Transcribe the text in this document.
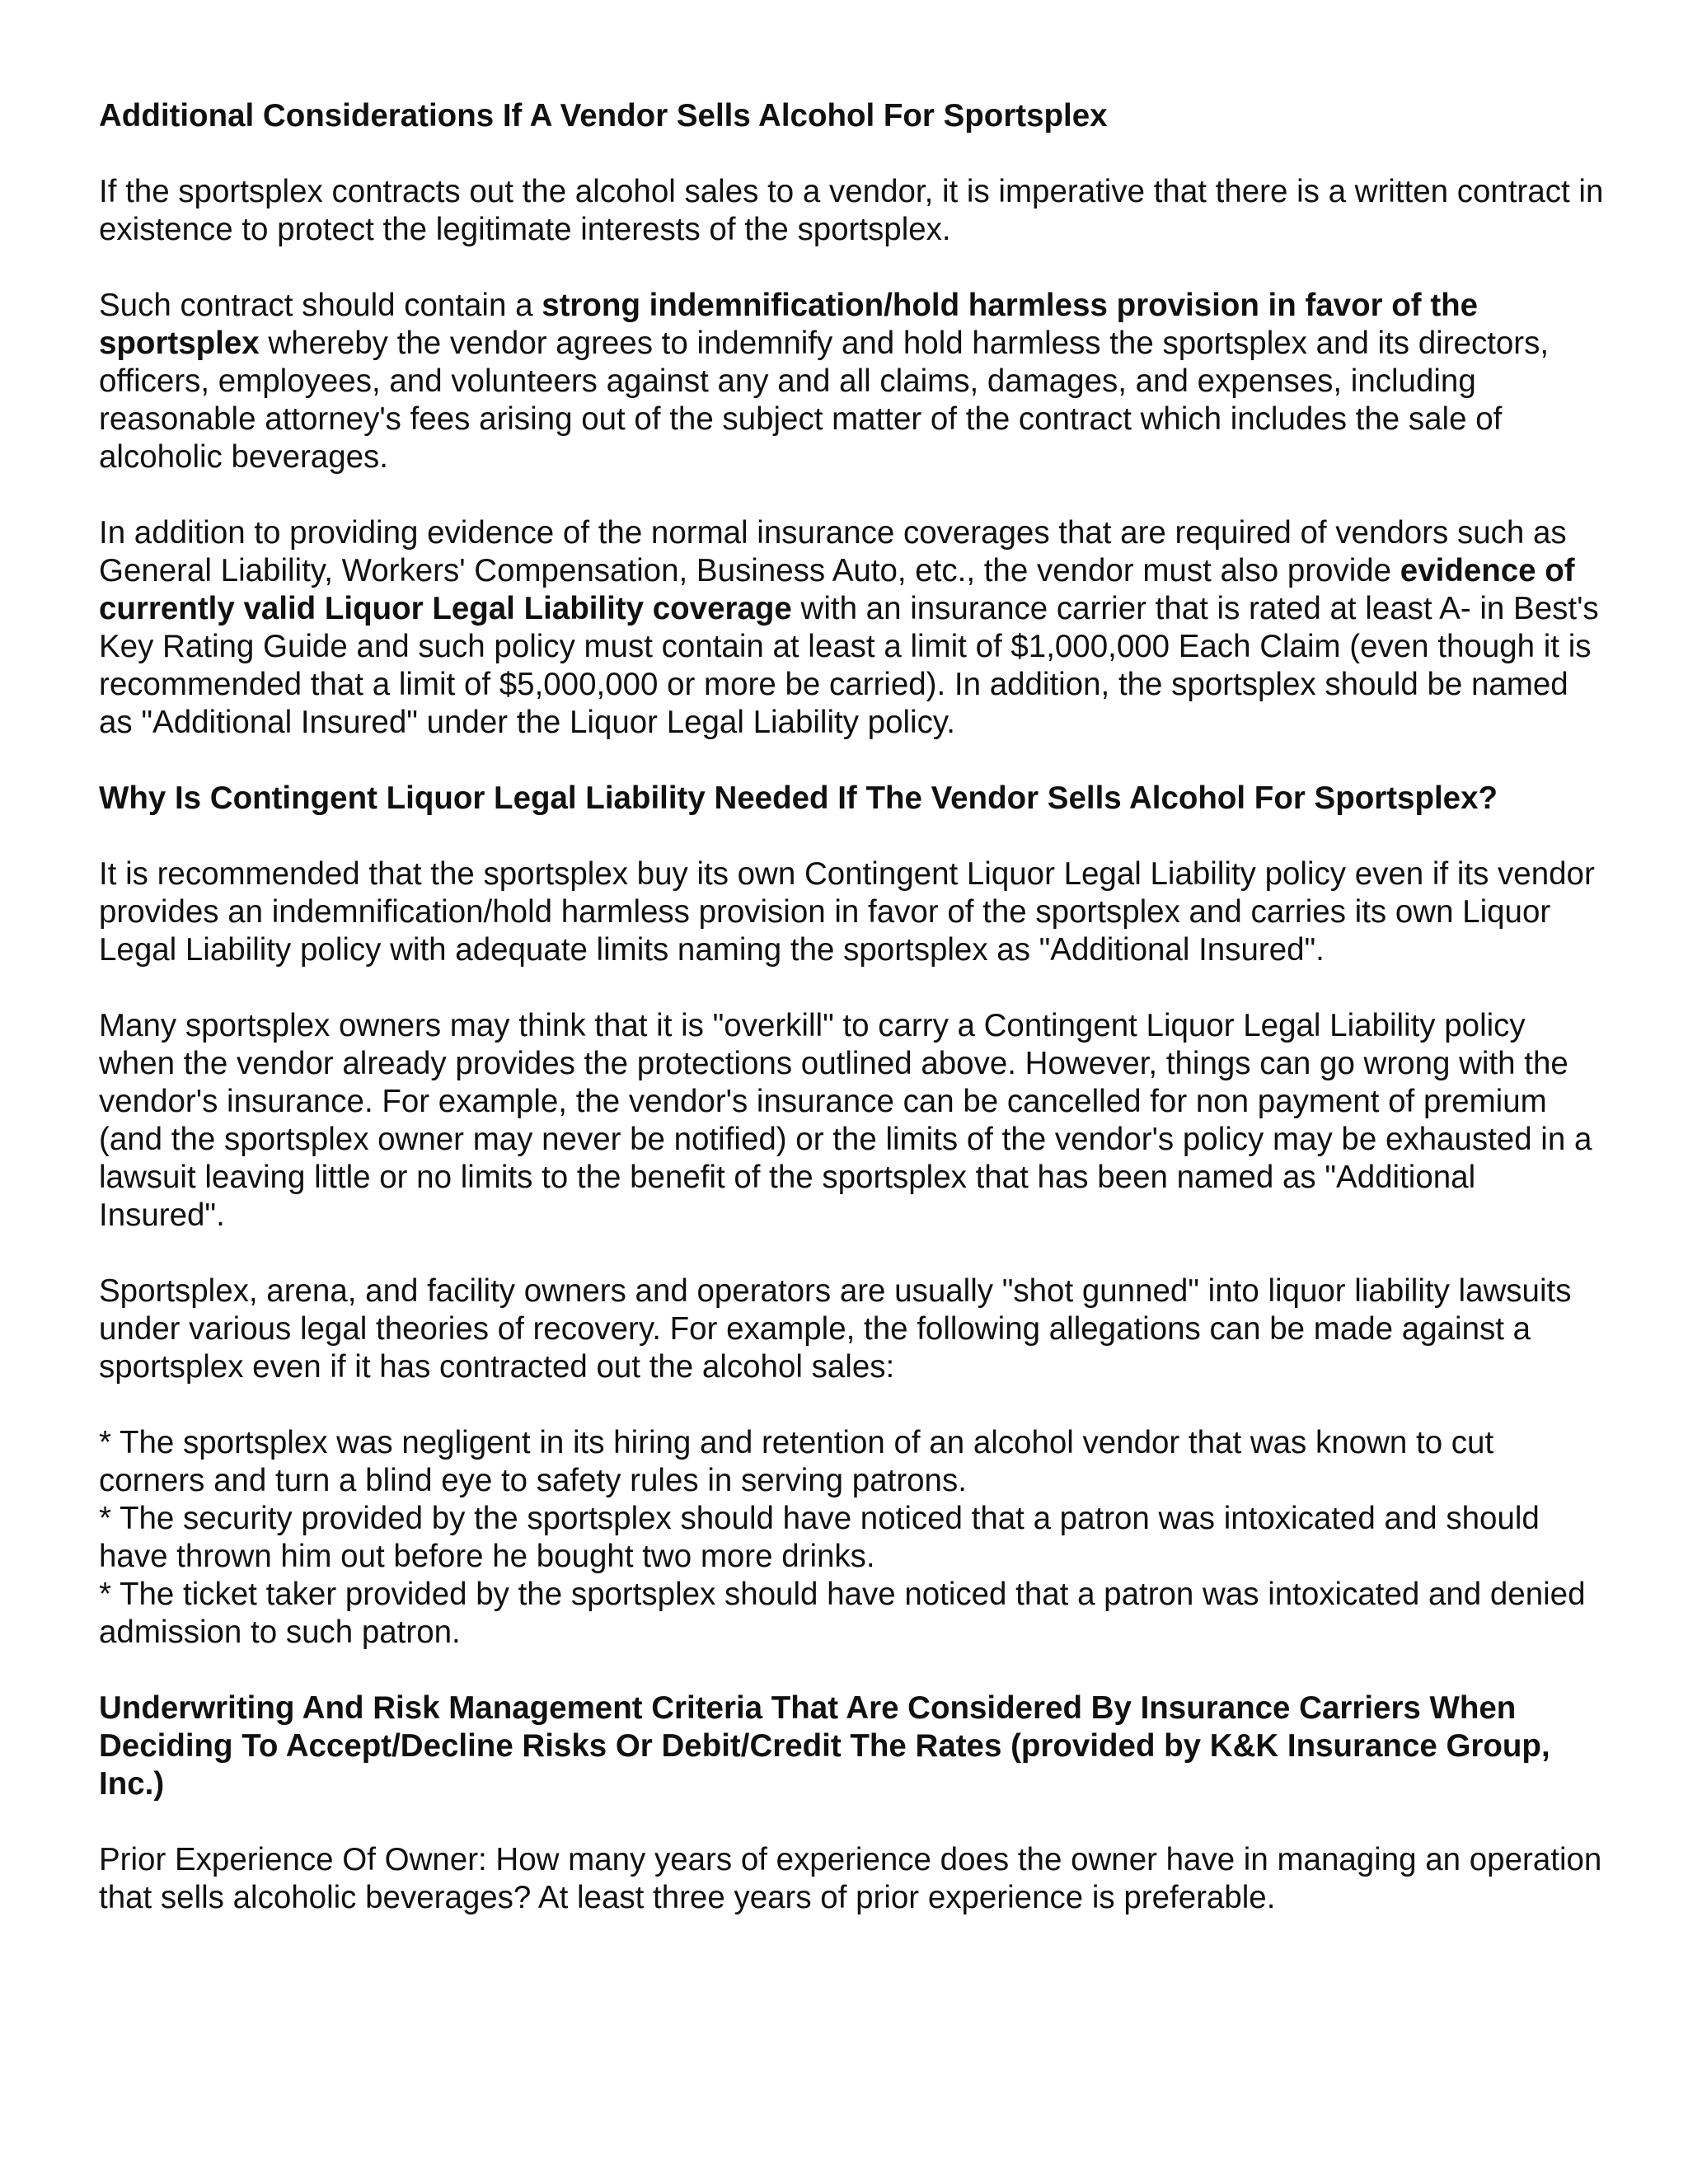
Additional Considerations If A Vendor Sells Alcohol For Sportsplex

If the sportsplex contracts out the alcohol sales to a vendor, it is imperative that there is a written contract in existence to protect the legitimate interests of the sportsplex.

Such contract should contain a strong indemnification/hold harmless provision in favor of the sportsplex whereby the vendor agrees to indemnify and hold harmless the sportsplex and its directors, officers, employees, and volunteers against any and all claims, damages, and expenses, including reasonable attorney's fees arising out of the subject matter of the contract which includes the sale of alcoholic beverages.

In addition to providing evidence of the normal insurance coverages that are required of vendors such as General Liability, Workers' Compensation, Business Auto, etc., the vendor must also provide evidence of currently valid Liquor Legal Liability coverage with an insurance carrier that is rated at least A- in Best's Key Rating Guide and such policy must contain at least a limit of $1,000,000 Each Claim (even though it is recommended that a limit of $5,000,000 or more be carried). In addition, the sportsplex should be named as "Additional Insured" under the Liquor Legal Liability policy.

Why Is Contingent Liquor Legal Liability Needed If The Vendor Sells Alcohol For Sportsplex?

It is recommended that the sportsplex buy its own Contingent Liquor Legal Liability policy even if its vendor provides an indemnification/hold harmless provision in favor of the sportsplex and carries its own Liquor Legal Liability policy with adequate limits naming the sportsplex as "Additional Insured".

Many sportsplex owners may think that it is "overkill" to carry a Contingent Liquor Legal Liability policy when the vendor already provides the protections outlined above. However, things can go wrong with the vendor's insurance. For example, the vendor's insurance can be cancelled for non payment of premium (and the sportsplex owner may never be notified) or the limits of the vendor's policy may be exhausted in a lawsuit leaving little or no limits to the benefit of the sportsplex that has been named as "Additional Insured".

Sportsplex, arena, and facility owners and operators are usually "shot gunned" into liquor liability lawsuits under various legal theories of recovery. For example, the following allegations can be made against a sportsplex even if it has contracted out the alcohol sales:

* The sportsplex was negligent in its hiring and retention of an alcohol vendor that was known to cut corners and turn a blind eye to safety rules in serving patrons.
* The security provided by the sportsplex should have noticed that a patron was intoxicated and should have thrown him out before he bought two more drinks.
* The ticket taker provided by the sportsplex should have noticed that a patron was intoxicated and denied admission to such patron.
Underwriting And Risk Management Criteria That Are Considered By Insurance Carriers When Deciding To Accept/Decline Risks Or Debit/Credit The Rates (provided by K&K Insurance Group, Inc.)

Prior Experience Of Owner: How many years of experience does the owner have in managing an operation that sells alcoholic beverages? At least three years of prior experience is preferable.
